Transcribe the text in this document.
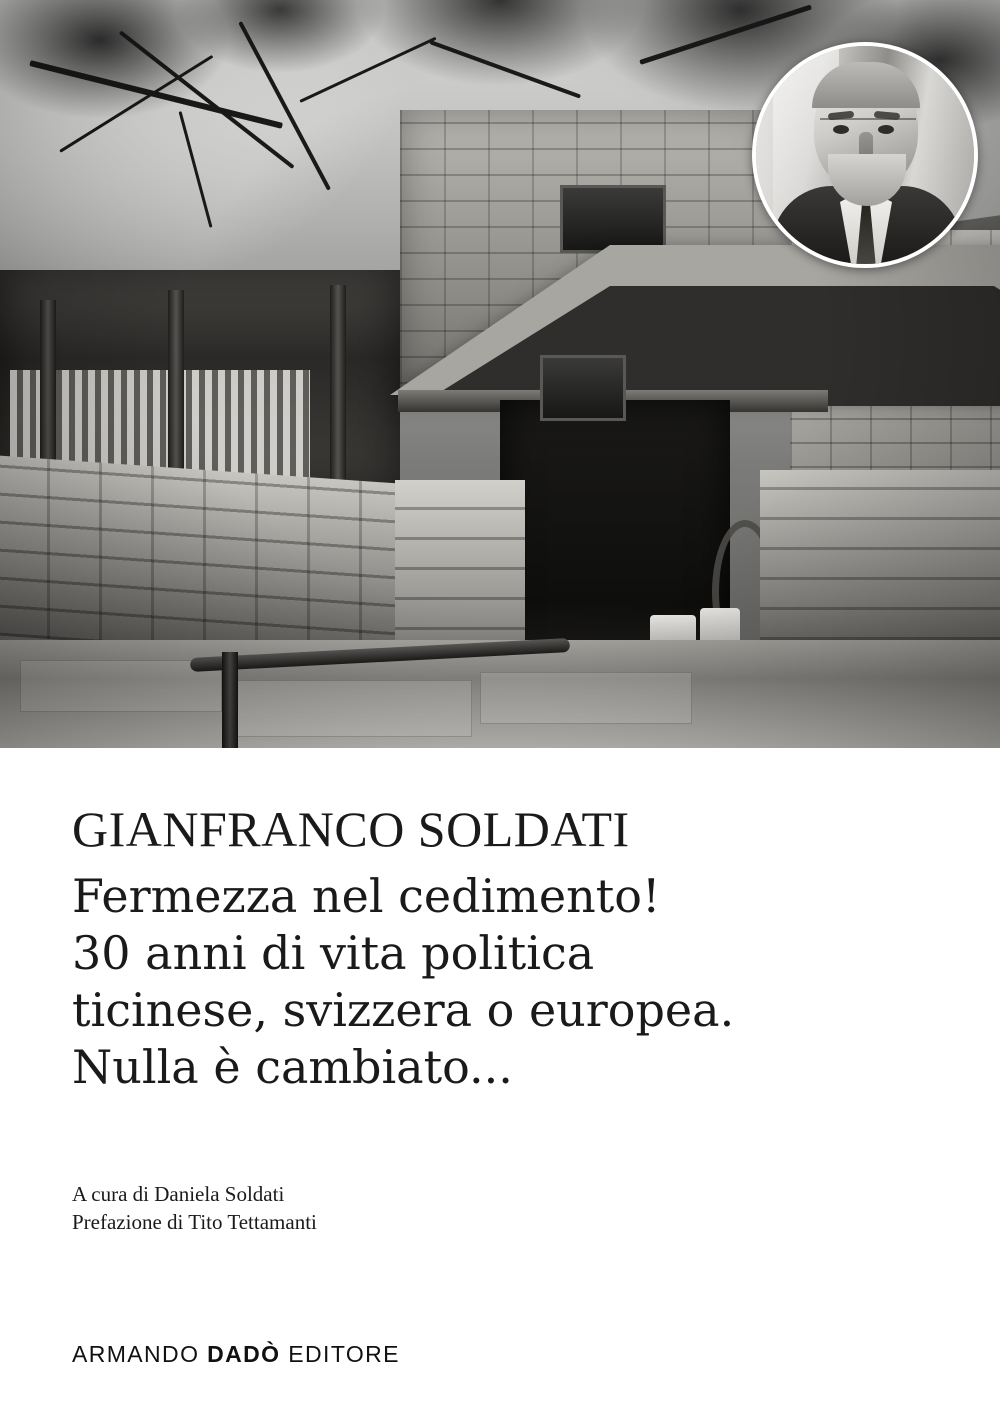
GIANFRANCO SOLDATI
Fermezza nel cedimento!
30 anni di vita politica
ticinese, svizzera o europea.
Nulla è cambiato...
A cura di Daniela Soldati
Prefazione di Tito Tettamanti
ARMANDO DADÒ EDITORE
